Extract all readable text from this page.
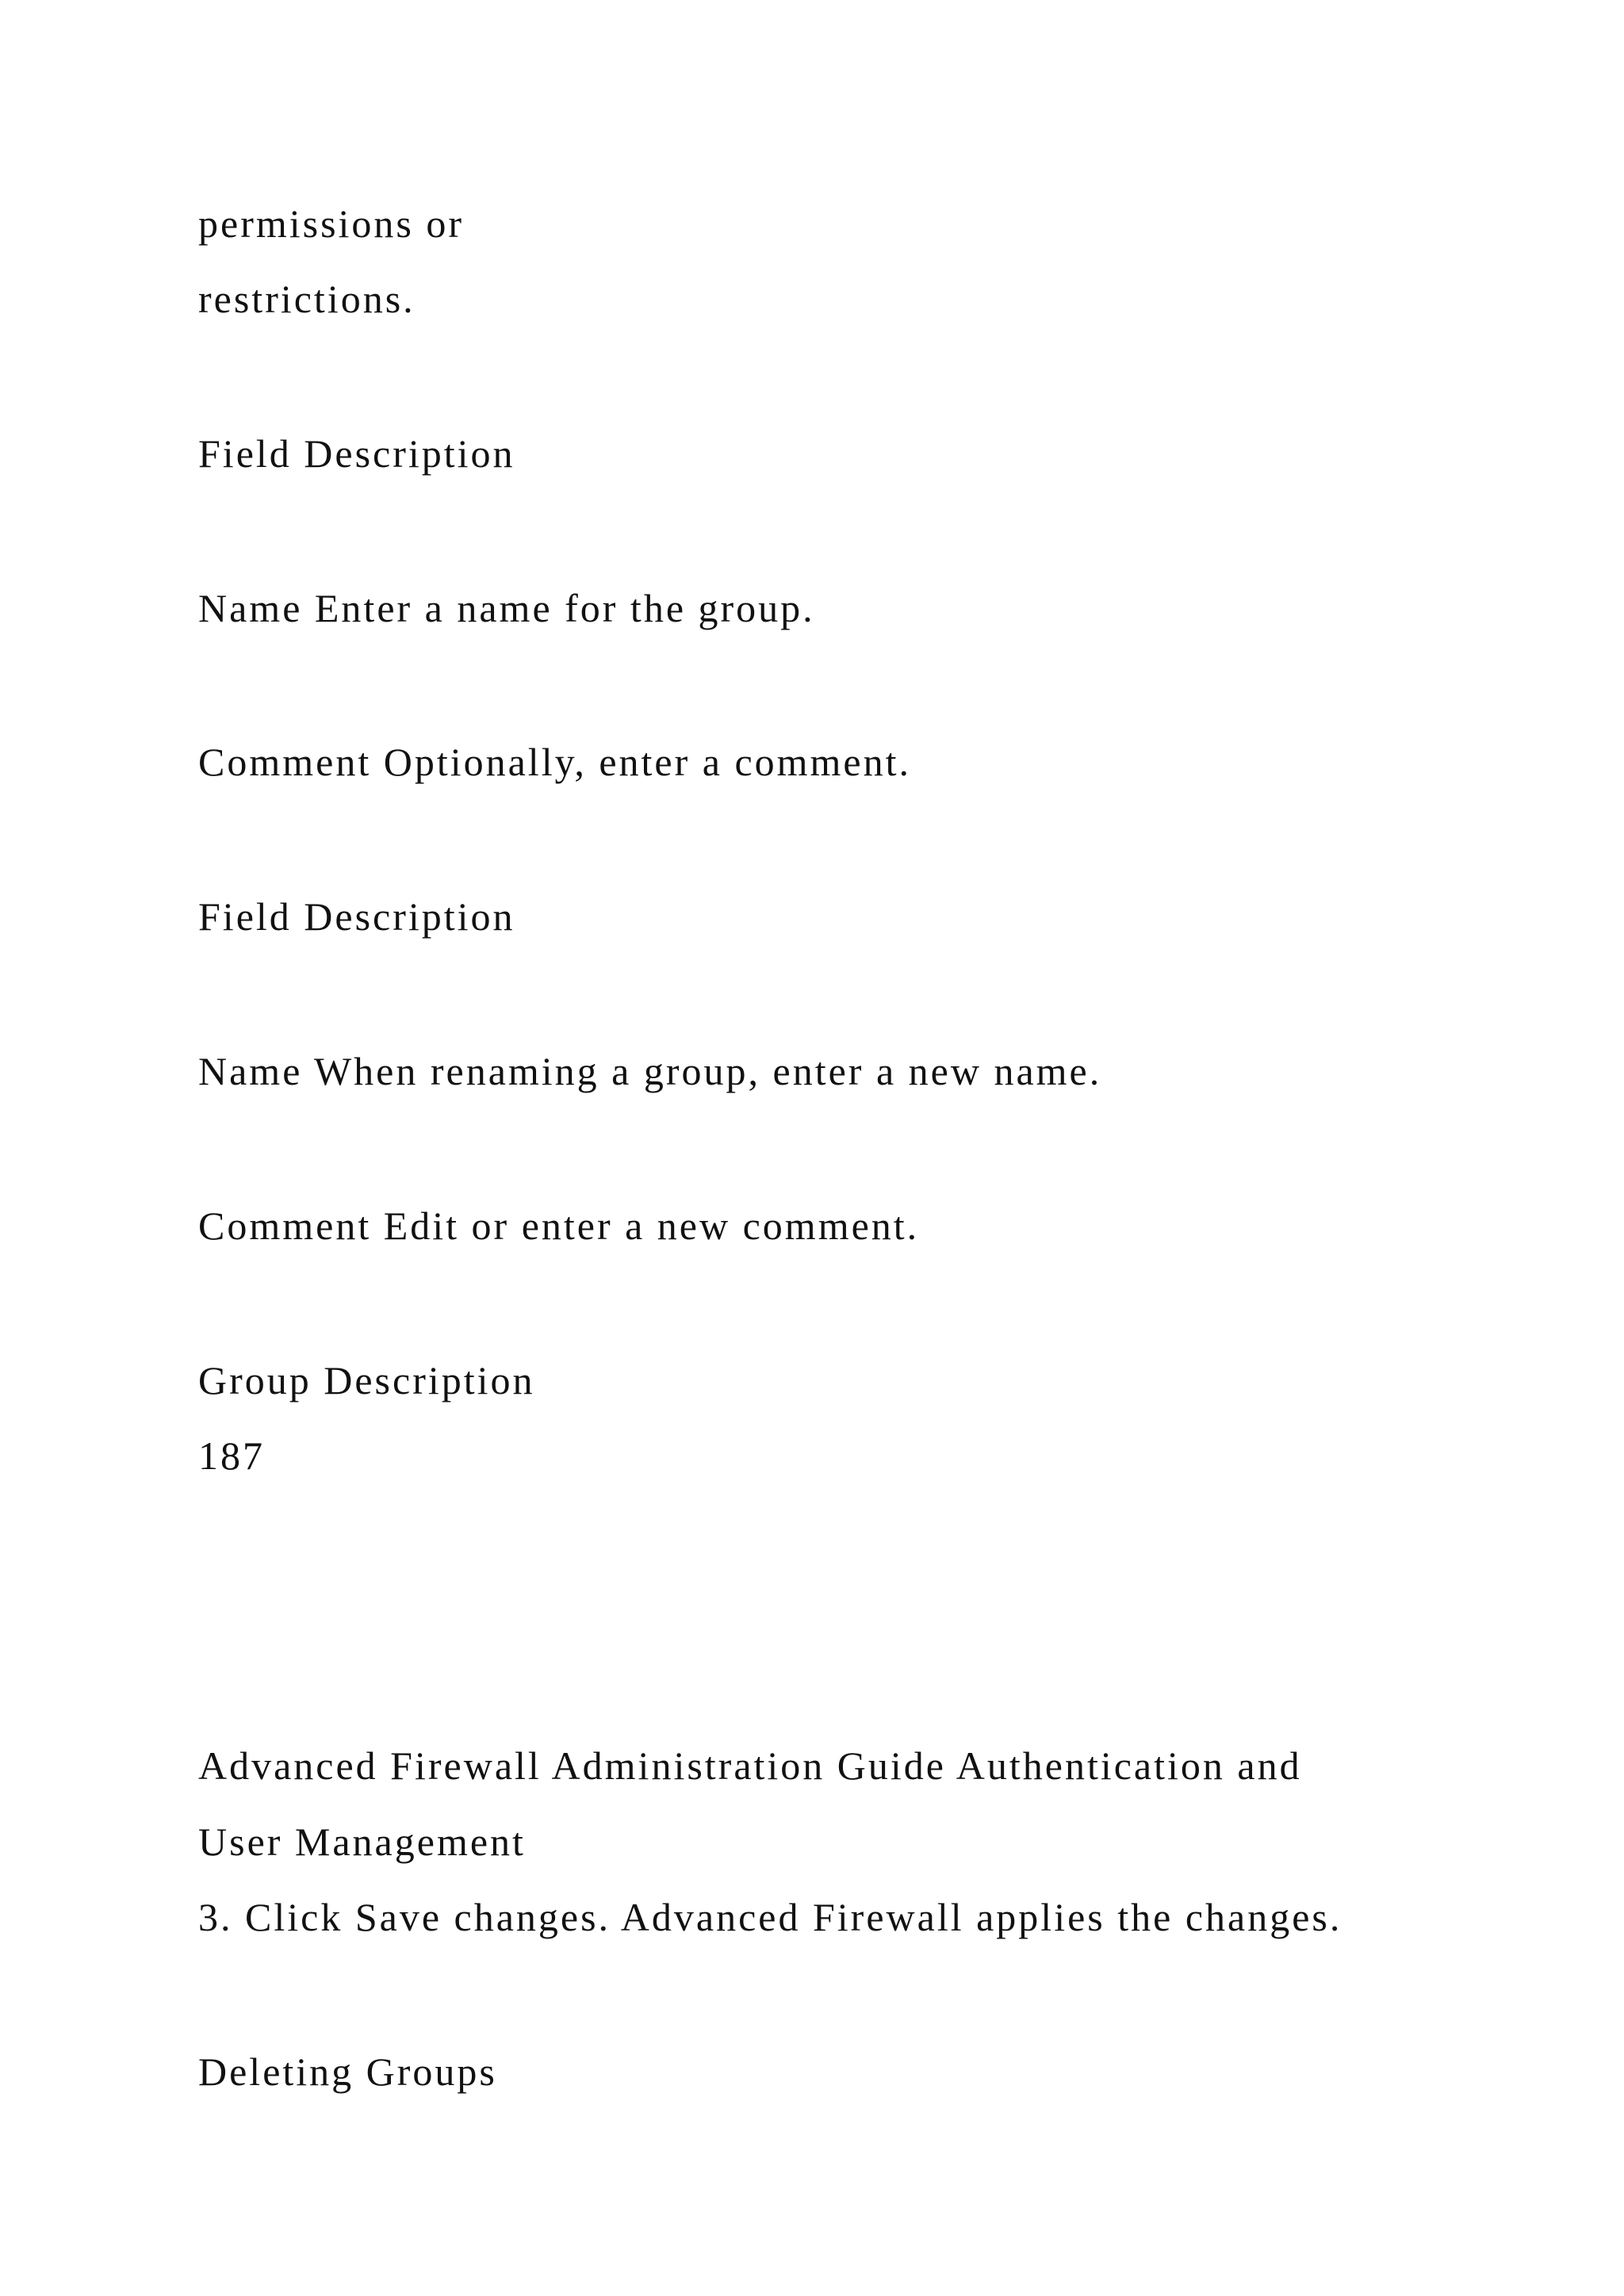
permissions or

restrictions.

Field Description

Name Enter a name for the group.

Comment Optionally, enter a comment.

Field Description

Name When renaming a group, enter a new name.

Comment Edit or enter a new comment.

Group Description

187

Advanced Firewall Administration Guide Authentication and

User Management

3. Click Save changes. Advanced Firewall applies the changes.

Deleting Groups
